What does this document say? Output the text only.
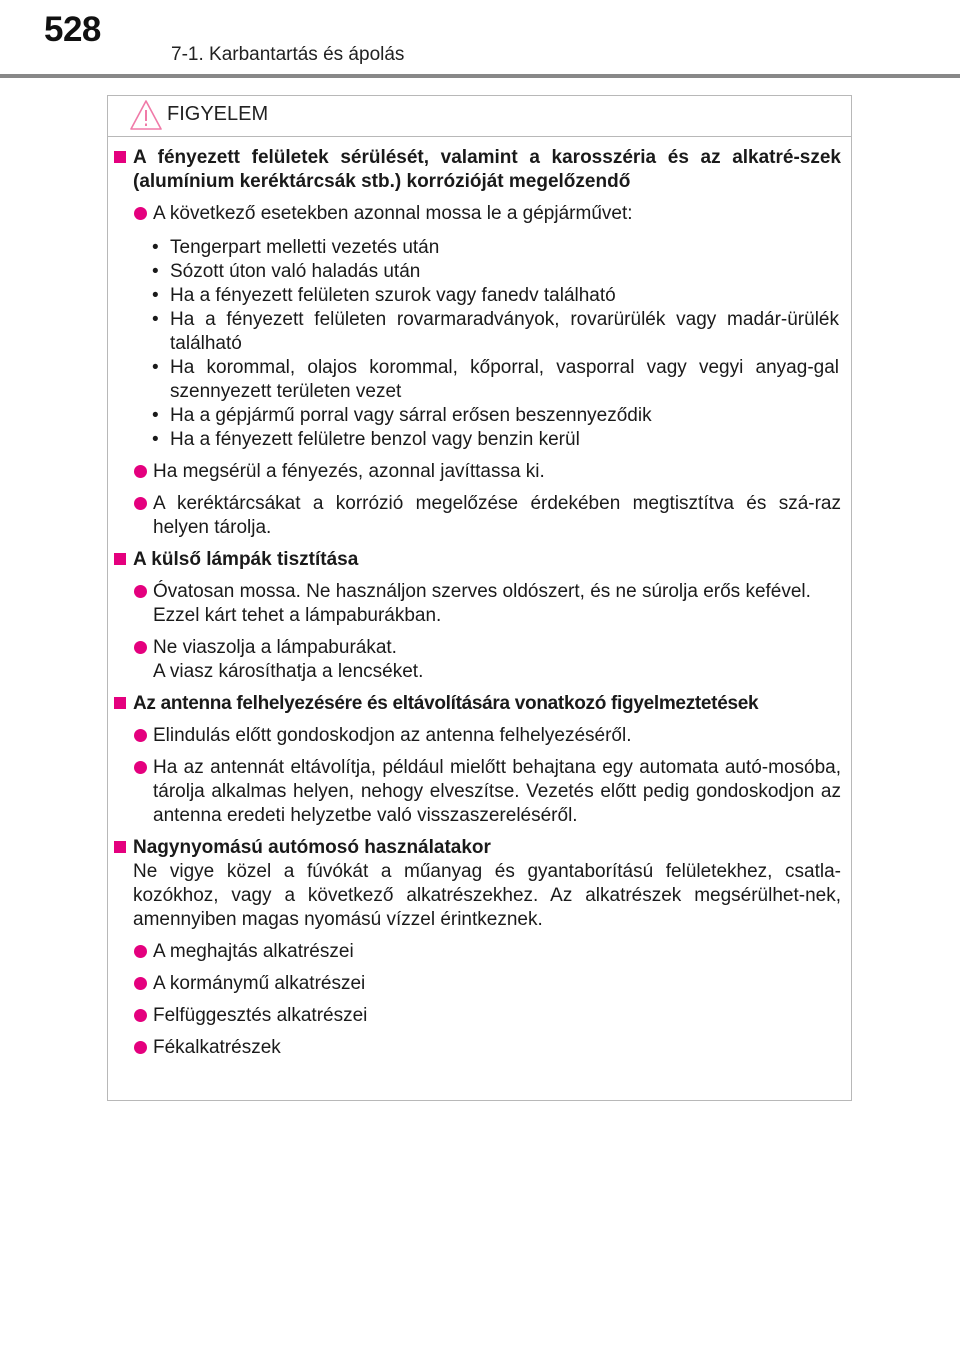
528
7-1. Karbantartás és ápolás
FIGYELEM
A fényezett felületek sérülését, valamint a karosszéria és az alkatré-szek (alumínium keréktárcsák stb.) korrózióját megelőzendő
A következő esetekben azonnal mossa le a gépjárművet:
• Tengerpart melletti vezetés után
• Sózott úton való haladás után
• Ha a fényezett felületen szurok vagy fanedv található
• Ha a fényezett felületen rovarmaradványok, rovarürülék vagy madár-ürülék található
• Ha korommal, olajos korommal, kőporral, vasporral vagy vegyi anyag-gal szennyezett területen vezet
• Ha a gépjármű porral vagy sárral erősen beszennyeződik
• Ha a fényezett felületre benzol vagy benzin kerül
Ha megsérül a fényezés, azonnal javíttassa ki.
A keréktárcsákat a korrózió megelőzése érdekében megtisztítva és szá-raz helyen tárolja.
A külső lámpák tisztítása
Óvatosan mossa. Ne használjon szerves oldószert, és ne súrolja erős kefével.
Ezzel kárt tehet a lámpaburákban.
Ne viaszolja a lámpaburákat.
A viasz károsíthatja a lencséket.
Az antenna felhelyezésére és eltávolítására vonatkozó figyelmeztetések
Elindulás előtt gondoskodjon az antenna felhelyezéséről.
Ha az antennát eltávolítja, például mielőtt behajtana egy automata autó-mosóba, tárolja alkalmas helyen, nehogy elveszítse. Vezetés előtt pedig gondoskodjon az antenna eredeti helyzetbe való visszaszereléséről.
Nagynyomású autómosó használatakor
Ne vigye közel a fúvókát a műanyag és gyantaborítású felületekhez, csatla-kozókhoz, vagy a következő alkatrészekhez. Az alkatrészek megsérülhet-nek, amennyiben magas nyomású vízzel érintkeznek.
A meghajtás alkatrészei
A kormánymű alkatrészei
Felfüggesztés alkatrészei
Fékalkatrészek
